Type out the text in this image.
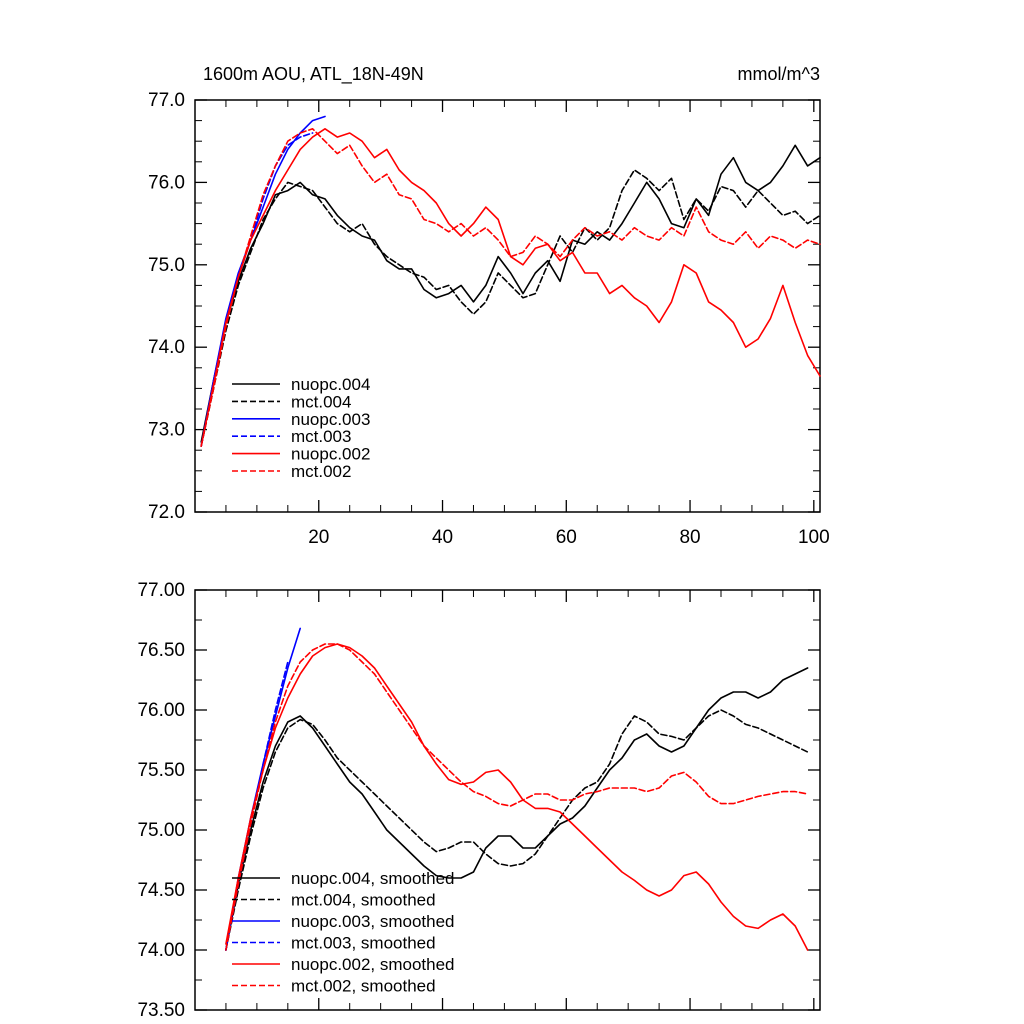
1600m AOU, ATL_18N-49N	mmol/m^3
20	40	60	80	100
72.0
73.0
74.0
75.0
76.0
77.0
nuopc.004
mct.004
nuopc.003
mct.003
nuopc.002
mct.002
73.50
74.00
74.50
75.00
75.50
76.00
76.50
77.00
nuopc.004, smoothed
mct.004, smoothed
nuopc.003, smoothed
mct.003, smoothed
nuopc.002, smoothed
mct.002, smoothed
